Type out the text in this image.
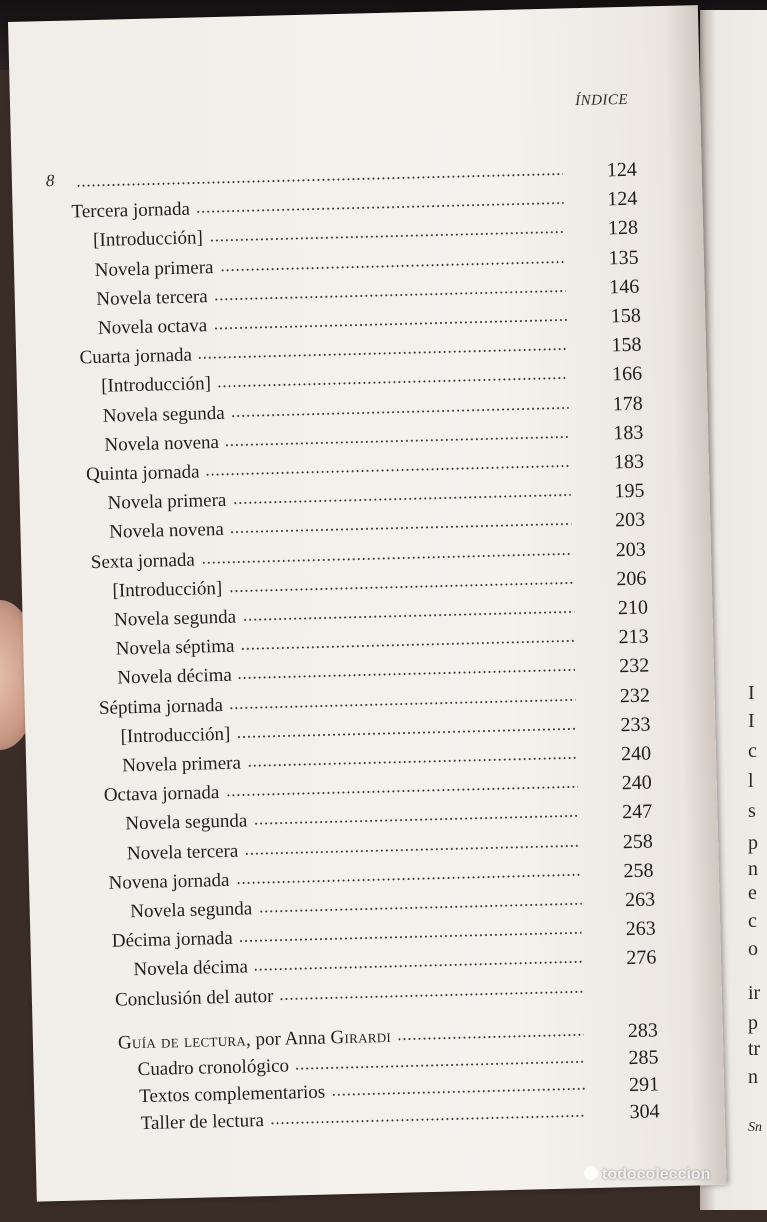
I
I
c
l
s
p
n
e
c
o
ir
p
tr
n
Sn
ÍNDICE
8	124
Tercera jornada	124
[Introducción]	128
Novela primera	135
Novela tercera	146
Novela octava	158
Cuarta jornada	158
[Introducción]	166
Novela segunda	178
Novela novena	183
Quinta jornada	183
Novela primera	195
Novela novena	203
Sexta jornada	203
[Introducción]	206
Novela segunda	210
Novela séptima	213
Novela décima	232
Séptima jornada	232
[Introducción]	233
Novela primera	240
Octava jornada	240
Novela segunda	247
Novela tercera	258
Novena jornada	258
Novela segunda	263
Décima jornada	263
Novela décima	276
Conclusión del autor
Guía de lectura, por Anna Girardi	283
Cuadro cronológico	285
Textos complementarios	291
Taller de lectura	304
todocoleccion
